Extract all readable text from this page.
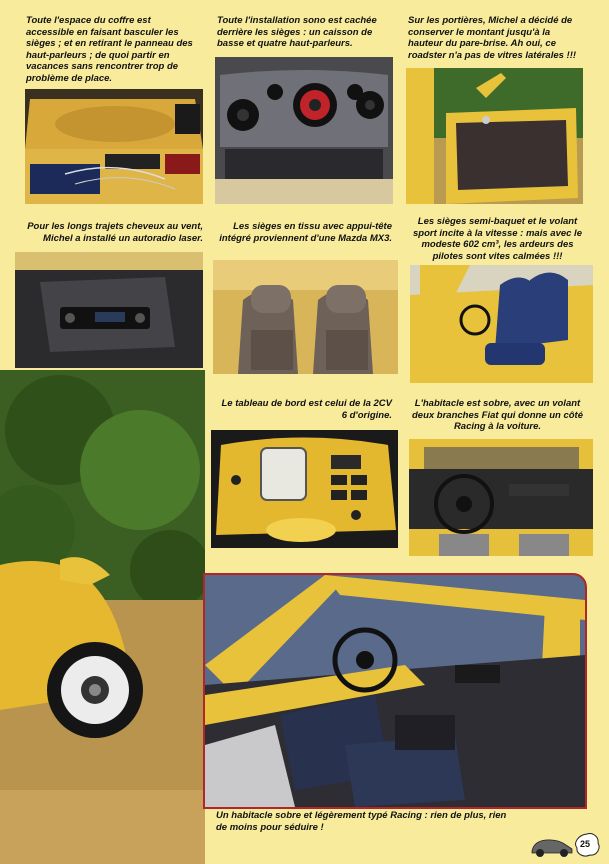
Toute l'espace du coffre est accessible en faisant basculer les sièges ; et en retirant le panneau des haut-parleurs ; de quoi partir en vacances sans rencontrer trop de problème de place.

Toute l'installation sono est cachée derrière les sièges : un caisson de basse et quatre haut-parleurs.

Sur les portières, Michel a décidé de conserver le montant jusqu'à la hauteur du pare-brise. Ah oui, ce roadster n'a pas de vitres latérales !!!

Pour les longs trajets cheveux au vent, Michel a installé un autoradio laser.

Les sièges en tissu avec appui-tête intégré proviennent d'une Mazda MX3.

Les sièges semi-baquet et le volant sport incite à la vitesse : mais avec le modeste 602 cm³, les ardeurs des pilotes sont vites calmées !!!

Le tableau de bord est celui de la 2CV 6 d'origine.

L'habitacle est sobre, avec un volant deux branches Fiat qui donne un côté Racing à la voiture.

Un habitacle sobre et légèrement typé Racing : rien de plus, rien de moins pour séduire !

25
